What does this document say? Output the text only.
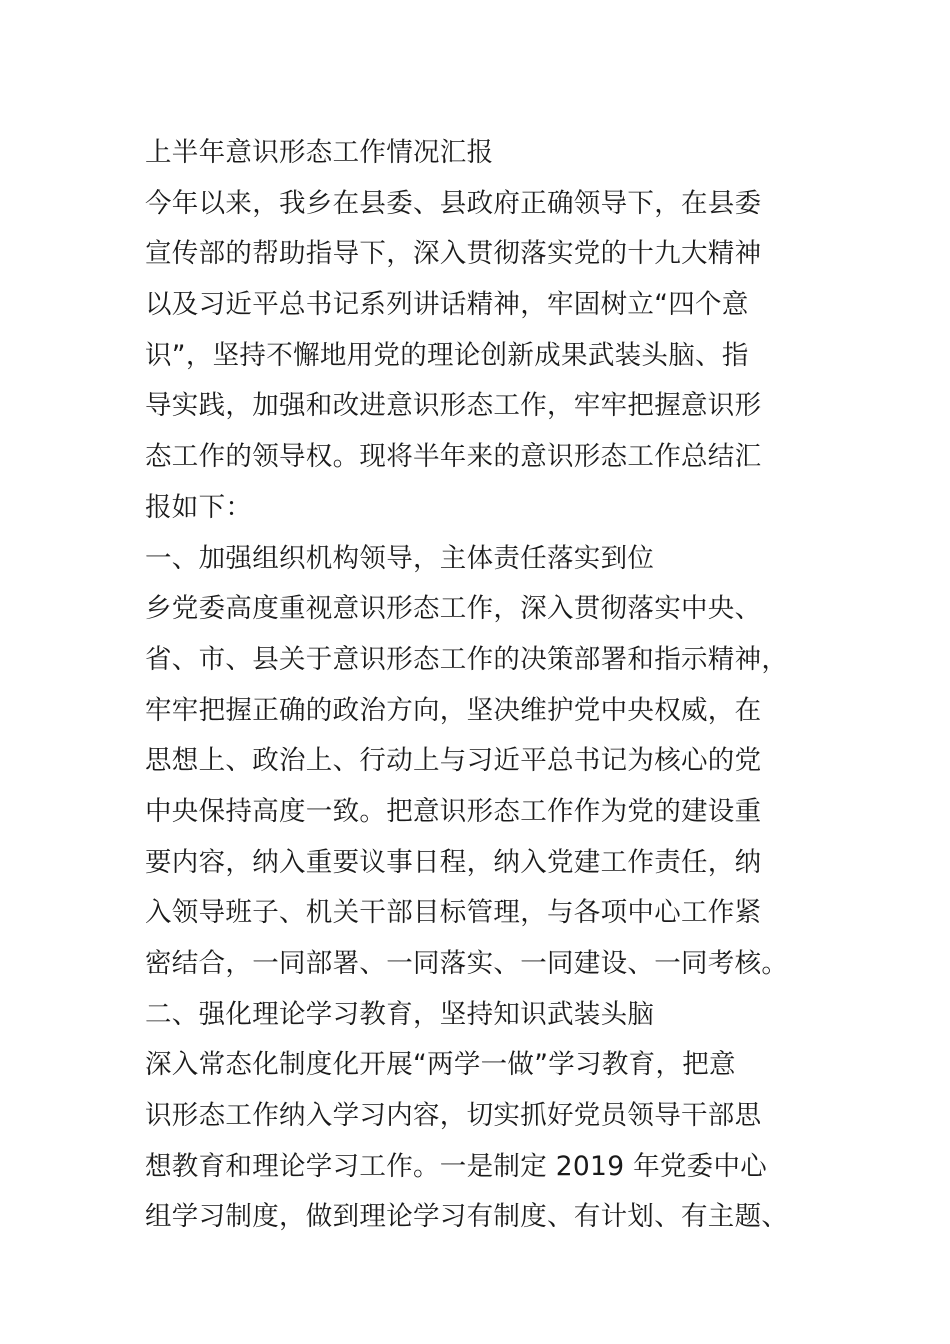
上半年意识形态工作情况汇报
今年以来，我乡在县委、县政府正确领导下，在县委
宣传部的帮助指导下，深入贯彻落实党的十九大精神
以及习近平总书记系列讲话精神，牢固树立“四个意
识”，坚持不懈地用党的理论创新成果武装头脑、指
导实践，加强和改进意识形态工作，牢牢把握意识形
态工作的领导权。现将半年来的意识形态工作总结汇
报如下：
一、加强组织机构领导，主体责任落实到位
乡党委高度重视意识形态工作，深入贯彻落实中央、
省、市、县关于意识形态工作的决策部署和指示精神，
牢牢把握正确的政治方向，坚决维护党中央权威，在
思想上、政治上、行动上与习近平总书记为核心的党
中央保持高度一致。把意识形态工作作为党的建设重
要内容，纳入重要议事日程，纳入党建工作责任，纳
入领导班子、机关干部目标管理，与各项中心工作紧
密结合，一同部署、一同落实、一同建设、一同考核。
二、强化理论学习教育，坚持知识武装头脑
深入常态化制度化开展“两学一做”学习教育，把意
识形态工作纳入学习内容，切实抓好党员领导干部思
想教育和理论学习工作。一是制定 2019 年党委中心
组学习制度，做到理论学习有制度、有计划、有主题、
